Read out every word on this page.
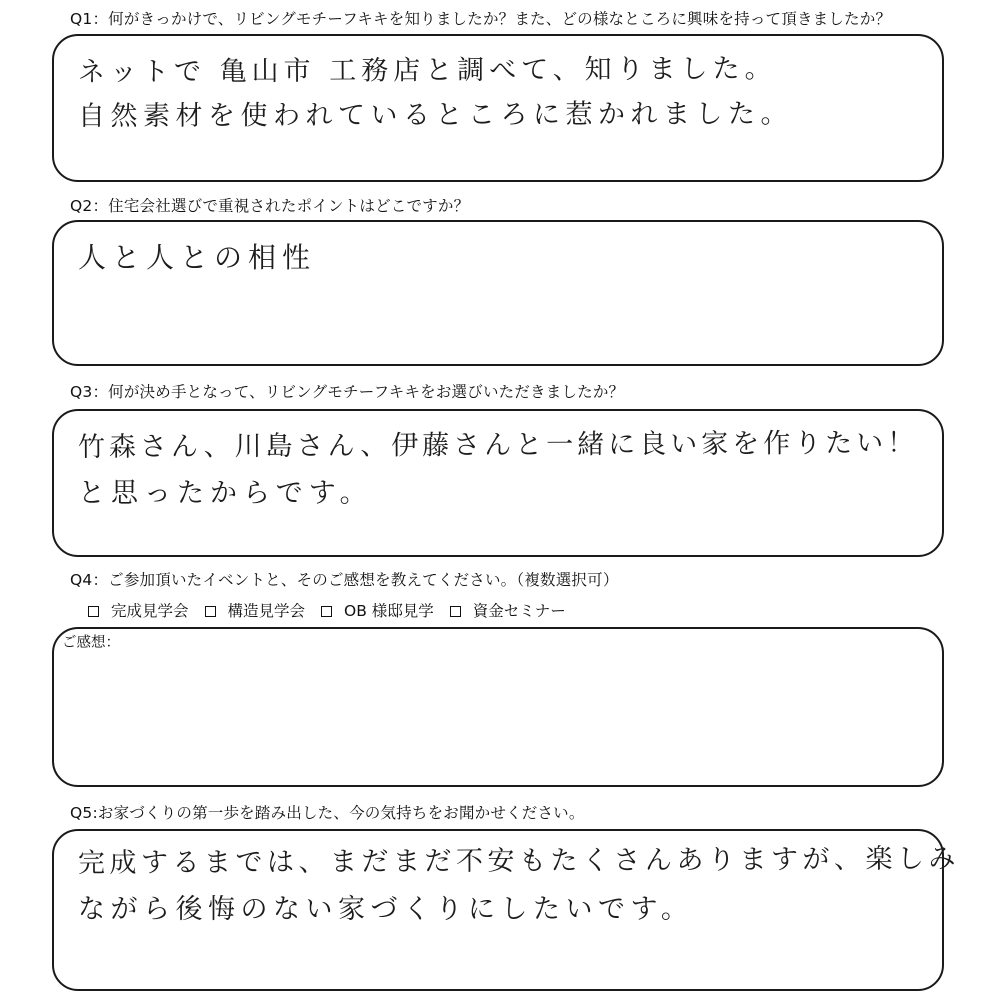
Q1：何がきっかけで、リビングモチーフキキを知りましたか？また、どの様なところに興味を持って頂きましたか？
ネットで 亀山市 工務店と調べて、知りました。
自然素材を使われているところに惹かれました。
Q2：住宅会社選びで重視されたポイントはどこですか？
人と人との相性
Q3：何が決め手となって、リビングモチーフキキをお選びいただきましたか？
竹森さん、川島さん、伊藤さんと一緒に良い家を作りたい！
と思ったからです。
Q4：ご参加頂いたイベントと、そのご感想を教えてください。（複数選択可）
完成見学会	構造見学会	OB 様邸見学	資金セミナー
ご感想：
Q5:お家づくりの第一歩を踏み出した、今の気持ちをお聞かせください。
完成するまでは、まだまだ不安もたくさんありますが、楽しみ
ながら後悔のない家づくりにしたいです。
